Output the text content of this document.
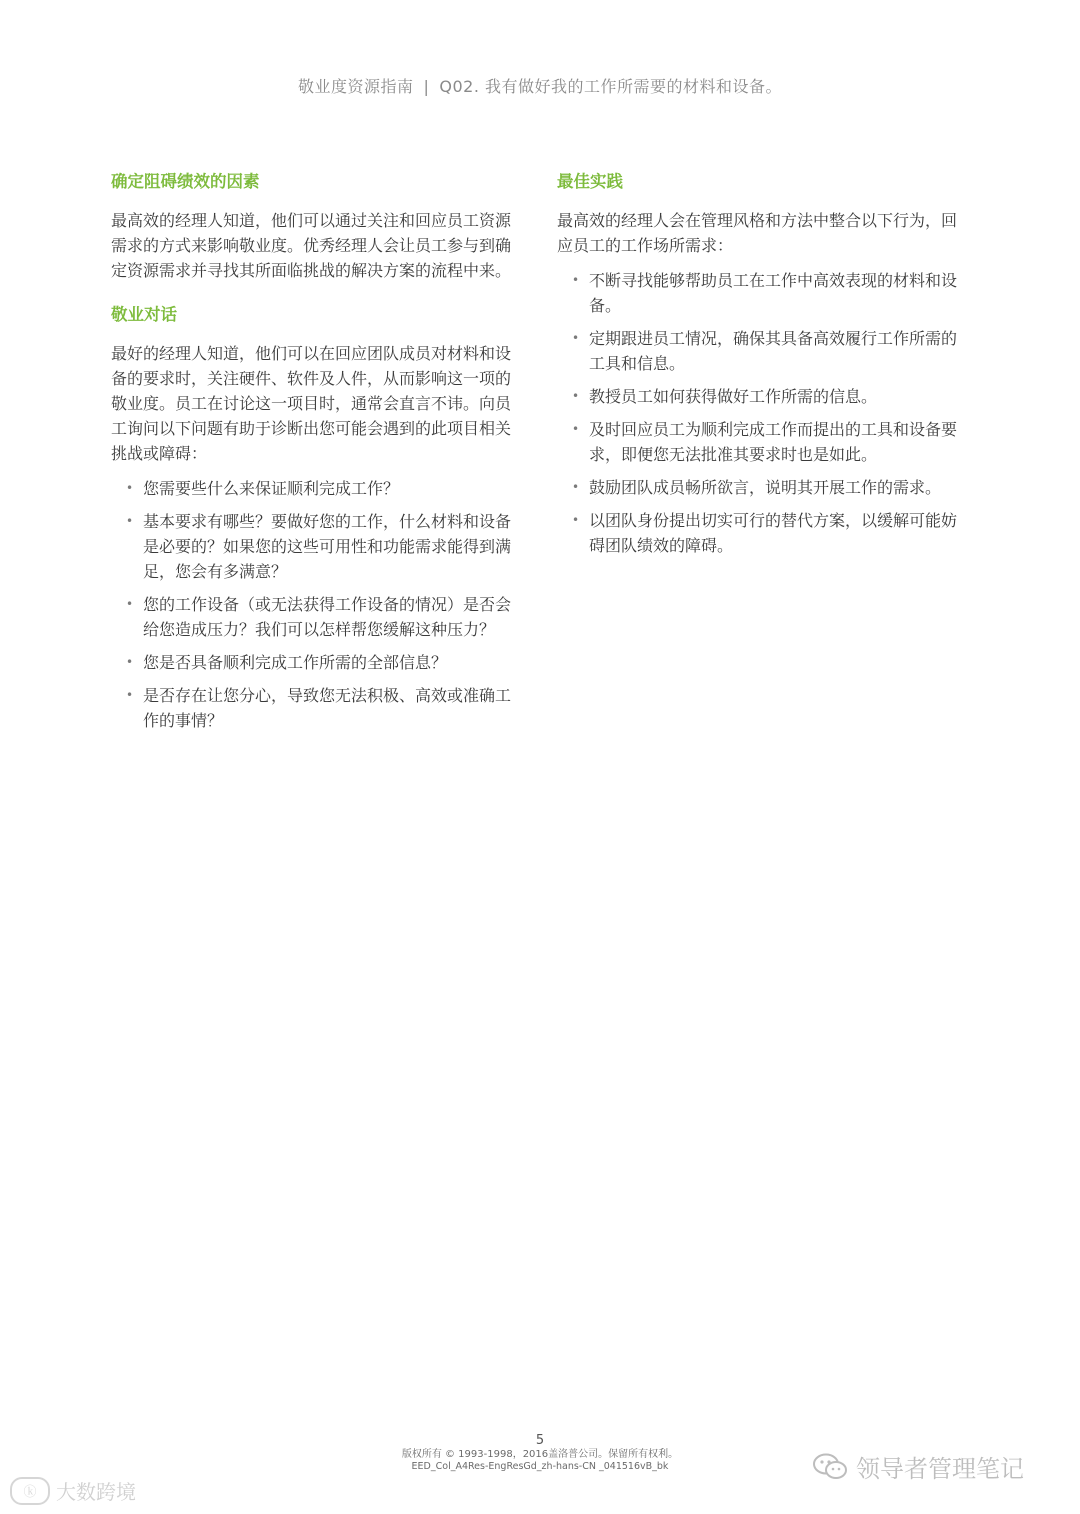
敬业度资源指南 | Q02. 我有做好我的工作所需要的材料和设备。
确定阻碍绩效的因素

最高效的经理人知道，他们可以通过关注和回应员工资源需求的方式来影响敬业度。优秀经理人会让员工参与到确定资源需求并寻找其所面临挑战的解决方案的流程中来。

敬业对话

最好的经理人知道，他们可以在回应团队成员对材料和设备的要求时，关注硬件、软件及人件，从而影响这一项的敬业度。员工在讨论这一项目时，通常会直言不讳。向员工询问以下问题有助于诊断出您可能会遇到的此项目相关挑战或障碍：

• 您需要些什么来保证顺利完成工作？
• 基本要求有哪些？要做好您的工作，什么材料和设备是必要的？如果您的这些可用性和功能需求能得到满足，您会有多满意？
• 您的工作设备（或无法获得工作设备的情况）是否会给您造成压力？我们可以怎样帮您缓解这种压力？
• 您是否具备顺利完成工作所需的全部信息？
• 是否存在让您分心，导致您无法积极、高效或准确工作的事情？
最佳实践

最高效的经理人会在管理风格和方法中整合以下行为，回应员工的工作场所需求：

• 不断寻找能够帮助员工在工作中高效表现的材料和设备。
• 定期跟进员工情况，确保其具备高效履行工作所需的工具和信息。
• 教授员工如何获得做好工作所需的信息。
• 及时回应员工为顺利完成工作而提出的工具和设备要求，即便您无法批准其要求时也是如此。
• 鼓励团队成员畅所欲言，说明其开展工作的需求。
• 以团队身份提出切实可行的替代方案，以缓解可能妨碍团队绩效的障碍。
5
版权所有 © 1993-1998，2016盖洛普公司。保留所有权利。
EED_Col_A4Res-EngResGd_zh-hans-CN _041516vB_bk
ⓚ 大数跨境
领导者管理笔记
